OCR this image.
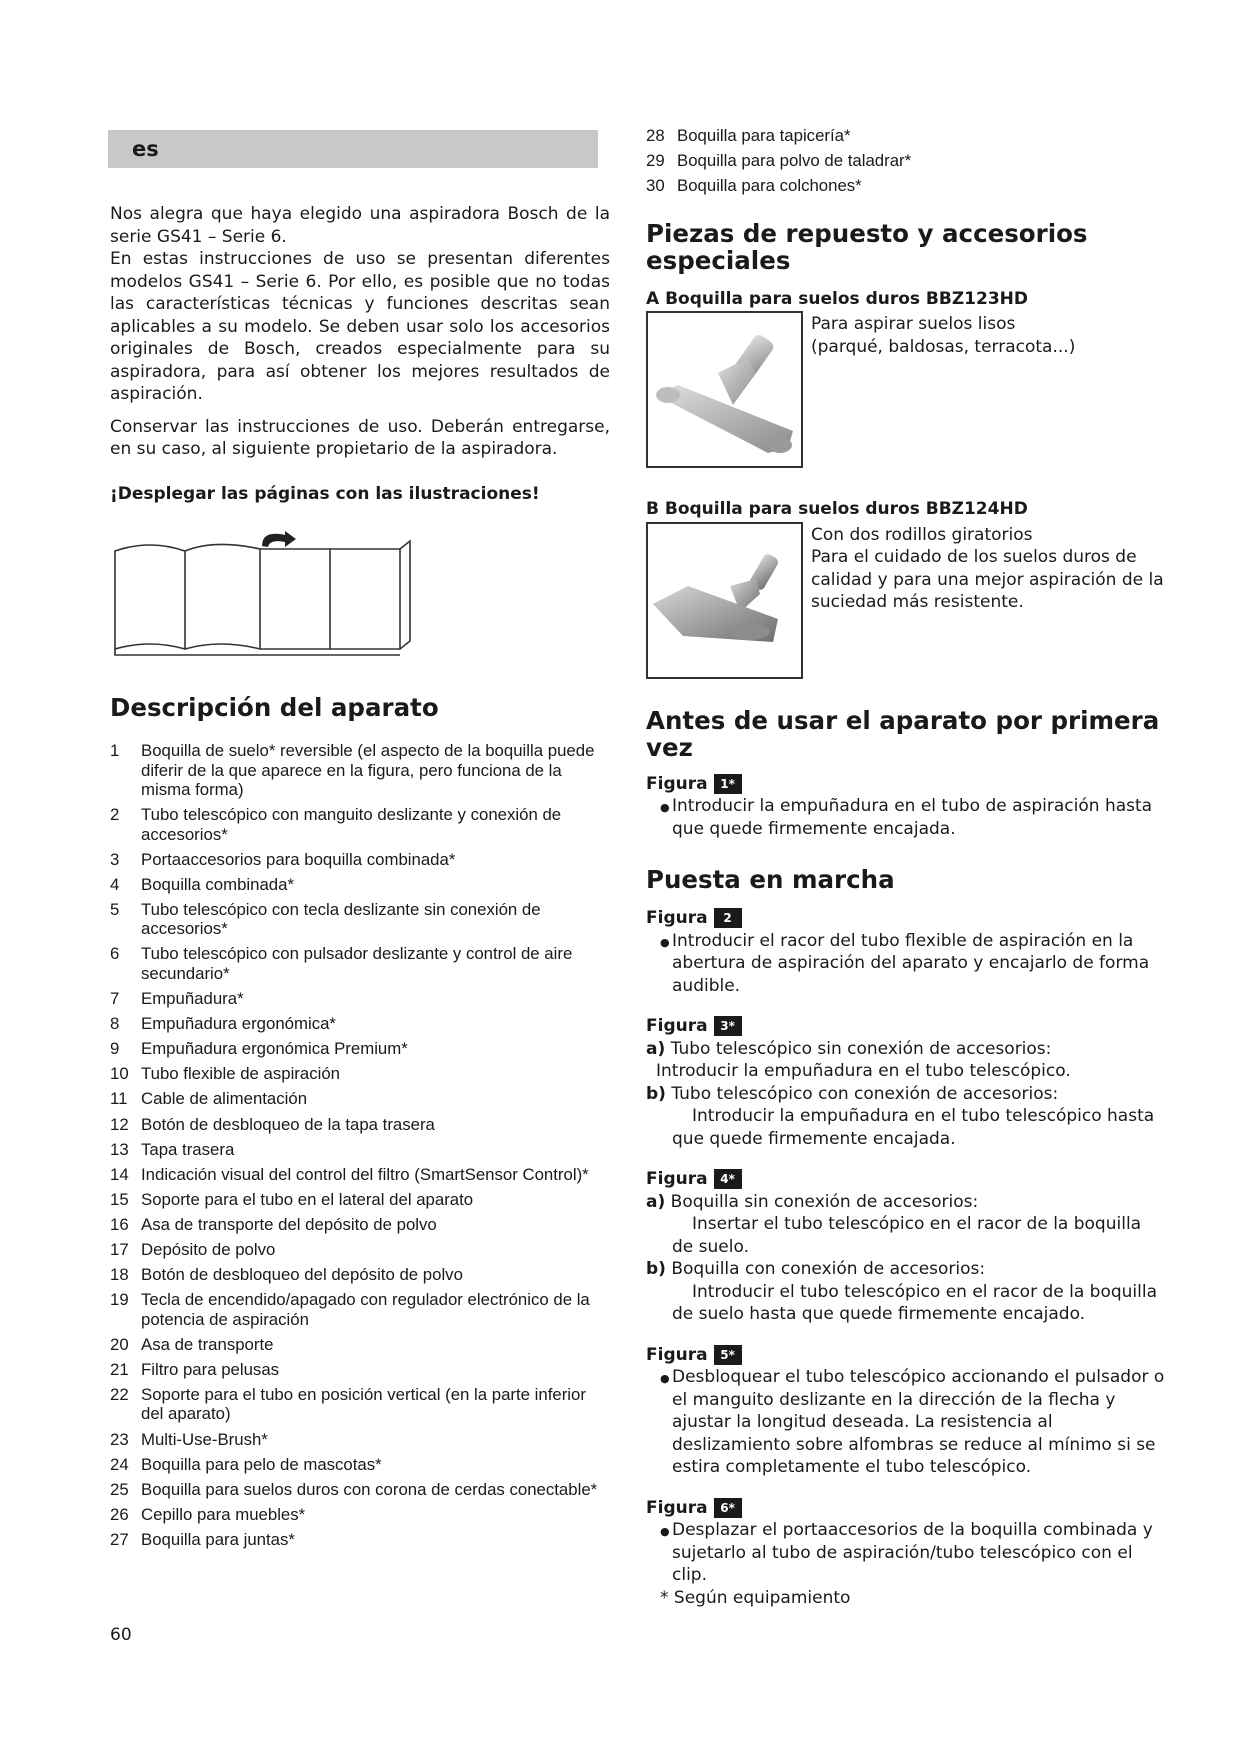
es

Nos alegra que haya elegido una aspiradora Bosch de la serie GS41 – Serie 6.

En estas instrucciones de uso se presentan diferentes modelos GS41 – Serie 6. Por ello, es posible que no todas las características técnicas y funciones descritas sean aplicables a su modelo. Se deben usar solo los accesorios originales de Bosch, creados especialmente para su aspiradora, para así obtener los mejores resultados de aspiración.

Conservar las instrucciones de uso. Deberán entregarse, en su caso, al siguiente propietario de la aspiradora.

¡Desplegar las páginas con las ilustraciones!

Descripción del aparato
1 Boquilla de suelo* reversible (el aspecto de la boquilla puede diferir de la que aparece en la figura, pero funciona de la misma forma)
2 Tubo telescópico con manguito deslizante y conexión de accesorios*
3 Portaaccesorios para boquilla combinada*
4 Boquilla combinada*
5 Tubo telescópico con tecla deslizante sin conexión de accesorios*
6 Tubo telescópico con pulsador deslizante y control de aire secundario*
7 Empuñadura*
8 Empuñadura ergonómica*
9 Empuñadura ergonómica Premium*
10 Tubo flexible de aspiración
11 Cable de alimentación
12 Botón de desbloqueo de la tapa trasera
13 Tapa trasera
14 Indicación visual del control del filtro (SmartSensor Control)*
15 Soporte para el tubo en el lateral del aparato
16 Asa de transporte del depósito de polvo
17 Depósito de polvo
18 Botón de desbloqueo del depósito de polvo
19 Tecla de encendido/apagado con regulador electrónico de la potencia de aspiración
20 Asa de transporte
21 Filtro para pelusas
22 Soporte para el tubo en posición vertical (en la parte inferior del aparato)
23 Multi-Use-Brush*
24 Boquilla para pelo de mascotas*
25 Boquilla para suelos duros con corona de cerdas conectable*
26 Cepillo para muebles*
27 Boquilla para juntas*
28 Boquilla para tapicería*
29 Boquilla para polvo de taladrar*
30 Boquilla para colchones*
Piezas de repuesto y accesorios especiales

A Boquilla para suelos duros BBZ123HD

Para aspirar suelos lisos

(parqué, baldosas, terracota...)

B Boquilla para suelos duros BBZ124HD

Con dos rodillos giratorios

Para el cuidado de los suelos duros de calidad y para una mejor aspiración de la suciedad más resistente.

Antes de usar el aparato por primera vez

Figura	1*

● Introducir la empuñadura en el tubo de aspiración hasta que quede firmemente encajada.

Puesta en marcha

Figura	2

● Introducir el racor del tubo flexible de aspiración en la abertura de aspiración del aparato y encajarlo de forma audible.

Figura	3*

a) Tubo telescópico sin conexión de accesorios:

Introducir la empuñadura en el tubo telescópico.

b) Tubo telescópico con conexión de accesorios:

Introducir la empuñadura en el tubo telescópico hasta que quede firmemente encajada.

Figura	4*

a) Boquilla sin conexión de accesorios:

Insertar el tubo telescópico en el racor de la boquilla de suelo.

b) Boquilla con conexión de accesorios:

Introducir el tubo telescópico en el racor de la boquilla de suelo hasta que quede firmemente encajado.

Figura	5*

● Desbloquear el tubo telescópico accionando el pulsador o el manguito deslizante en la dirección de la flecha y ajustar la longitud deseada. La resistencia al deslizamiento sobre alfombras se reduce al mínimo si se estira completamente el tubo telescópico.

Figura	6*

● Desplazar el portaaccesorios de la boquilla combinada y sujetarlo al tubo de aspiración/tubo telescópico con el clip.

* Según equipamiento

60
